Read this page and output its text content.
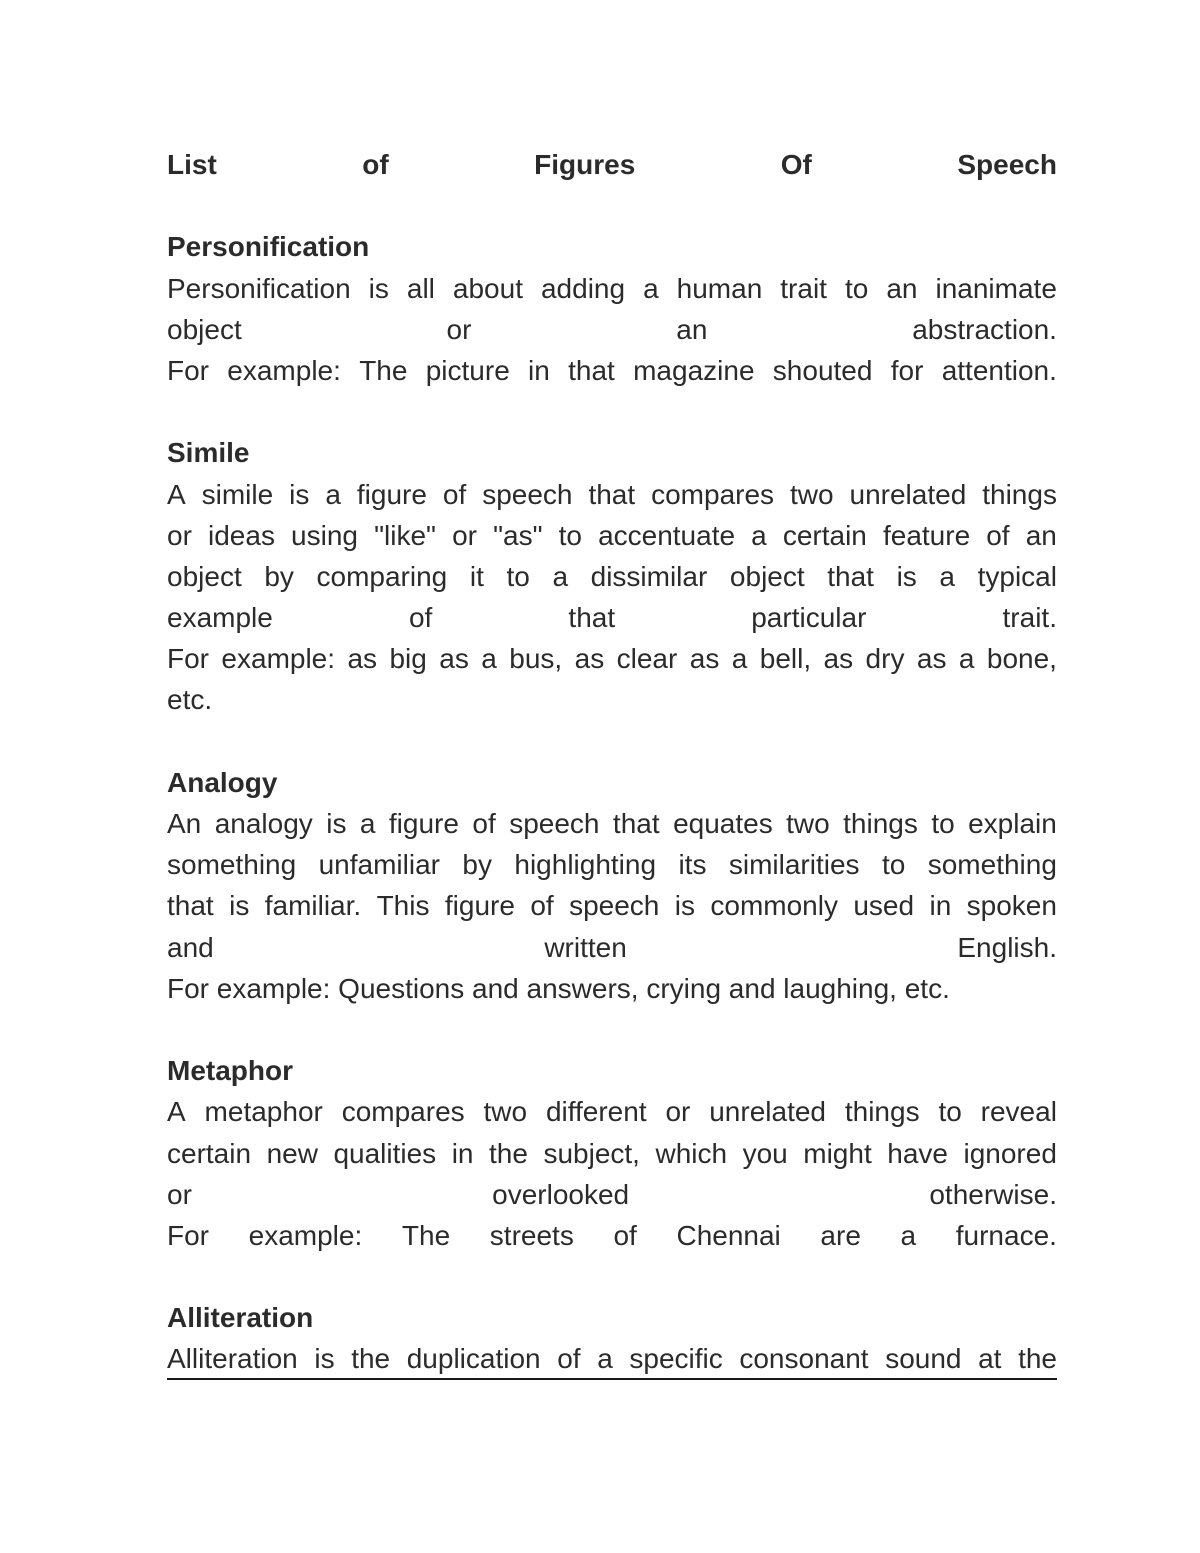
List	of	Figures	Of	Speech
Personification
Personification is all about adding a human trait to an inanimate
object	or	an	abstraction.
For example: The picture in that magazine shouted for attention.
Simile
A simile is a figure of speech that compares two unrelated things
or ideas using "like" or "as" to accentuate a certain feature of an
object by comparing it to a dissimilar object that is a typical
example	of	that	particular	trait.
For example: as big as a bus, as clear as a bell, as dry as a bone,
etc.
Analogy
An analogy is a figure of speech that equates two things to explain
something unfamiliar by highlighting its similarities to something
that is familiar. This figure of speech is commonly used in spoken
and	written	English.
For example: Questions and answers, crying and laughing, etc.
Metaphor
A metaphor compares two different or unrelated things to reveal
certain new qualities in the subject, which you might have ignored
or	overlooked	otherwise.
For example: The streets of Chennai are a furnace.
Alliteration
Alliteration is the duplication of a specific consonant sound at the
